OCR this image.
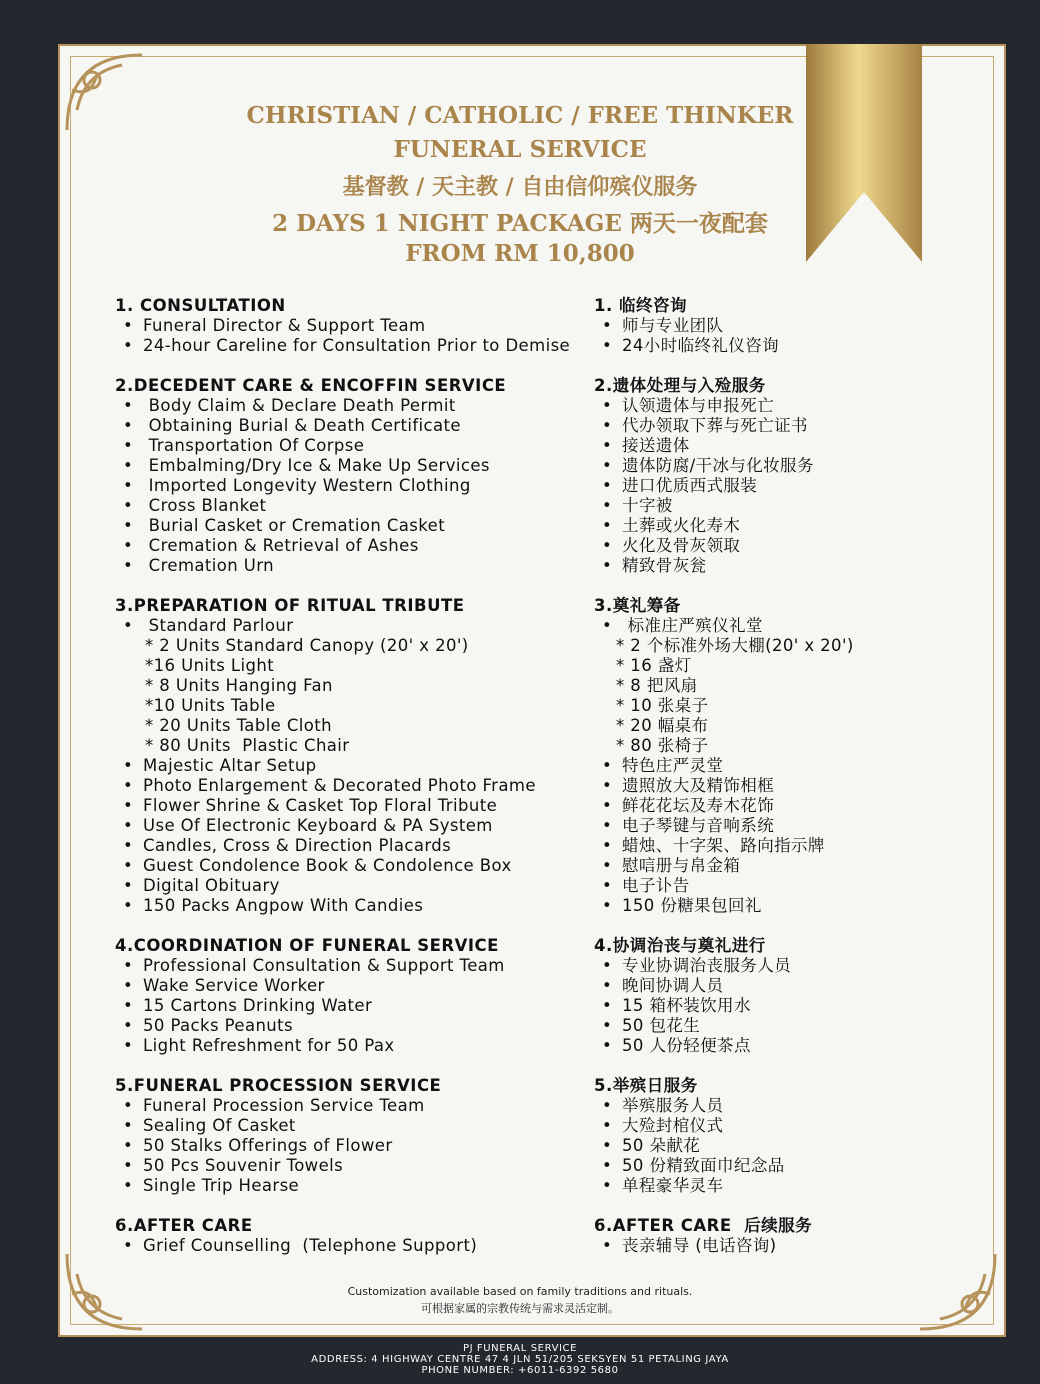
CHRISTIAN / CATHOLIC / FREE THINKER
FUNERAL SERVICE
基督教 / 天主教 / 自由信仰殡仪服务
2 DAYS 1 NIGHT PACKAGE 两天一夜配套
FROM RM 10,800
1. CONSULTATION
• Funeral Director & Support Team
• 24-hour Careline for Consultation Prior to Demise
2.DECEDENT CARE & ENCOFFIN SERVICE
• Body Claim & Declare Death Permit
• Obtaining Burial & Death Certificate
• Transportation Of Corpse
• Embalming/Dry Ice & Make Up Services
• Imported Longevity Western Clothing
• Cross Blanket
• Burial Casket or Cremation Casket
• Cremation & Retrieval of Ashes
• Cremation Urn
3.PREPARATION OF RITUAL TRIBUTE
• Standard Parlour
* 2 Units Standard Canopy (20' x 20')
*16 Units Light
* 8 Units Hanging Fan
*10 Units Table
* 20 Units Table Cloth
* 80 Units  Plastic Chair
• Majestic Altar Setup
• Photo Enlargement & Decorated Photo Frame
• Flower Shrine & Casket Top Floral Tribute
• Use Of Electronic Keyboard & PA System
• Candles, Cross & Direction Placards
• Guest Condolence Book & Condolence Box
• Digital Obituary
• 150 Packs Angpow With Candies
4.COORDINATION OF FUNERAL SERVICE
• Professional Consultation & Support Team
• Wake Service Worker
• 15 Cartons Drinking Water
• 50 Packs Peanuts
• Light Refreshment for 50 Pax
5.FUNERAL PROCESSION SERVICE
• Funeral Procession Service Team
• Sealing Of Casket
• 50 Stalks Offerings of Flower
• 50 Pcs Souvenir Towels
• Single Trip Hearse
6.AFTER CARE
• Grief Counselling  (Telephone Support)
1. 临终咨询
• 师与专业团队
• 24小时临终礼仪咨询
2.遗体处理与入殓服务
• 认领遗体与申报死亡
• 代办领取下葬与死亡证书
• 接送遗体
• 遗体防腐/干冰与化妆服务
• 进口优质西式服装
• 十字被
• 土葬或火化寿木
• 火化及骨灰领取
• 精致骨灰瓮
3.奠礼筹备
• 标准庄严殡仪礼堂
* 2 个标准外场大棚(20' x 20')
* 16 盏灯
* 8 把风扇
* 10 张桌子
* 20 幅桌布
* 80 张椅子
• 特色庄严灵堂
• 遗照放大及精饰相框
• 鲜花花坛及寿木花饰
• 电子琴键与音响系统
• 蜡烛、十字架、路向指示牌
• 慰唁册与帛金箱
• 电子讣告
• 150 份糖果包回礼
4.协调治丧与奠礼进行
• 专业协调治丧服务人员
• 晚间协调人员
• 15 箱杯装饮用水
• 50 包花生
• 50 人份轻便茶点
5.举殡日服务
• 举殡服务人员
• 大殓封棺仪式
• 50 朵献花
• 50 份精致面巾纪念品
• 单程豪华灵车
6.AFTER CARE  后续服务
• 丧亲辅导 (电话咨询)
Customization available based on family traditions and rituals.
可根据家属的宗教传统与需求灵活定制。
PJ FUNERAL SERVICE
ADDRESS: 4 HIGHWAY CENTRE 47 4 JLN 51/205 SEKSYEN 51 PETALING JAYA
PHONE NUMBER: +6011-6392 5680
